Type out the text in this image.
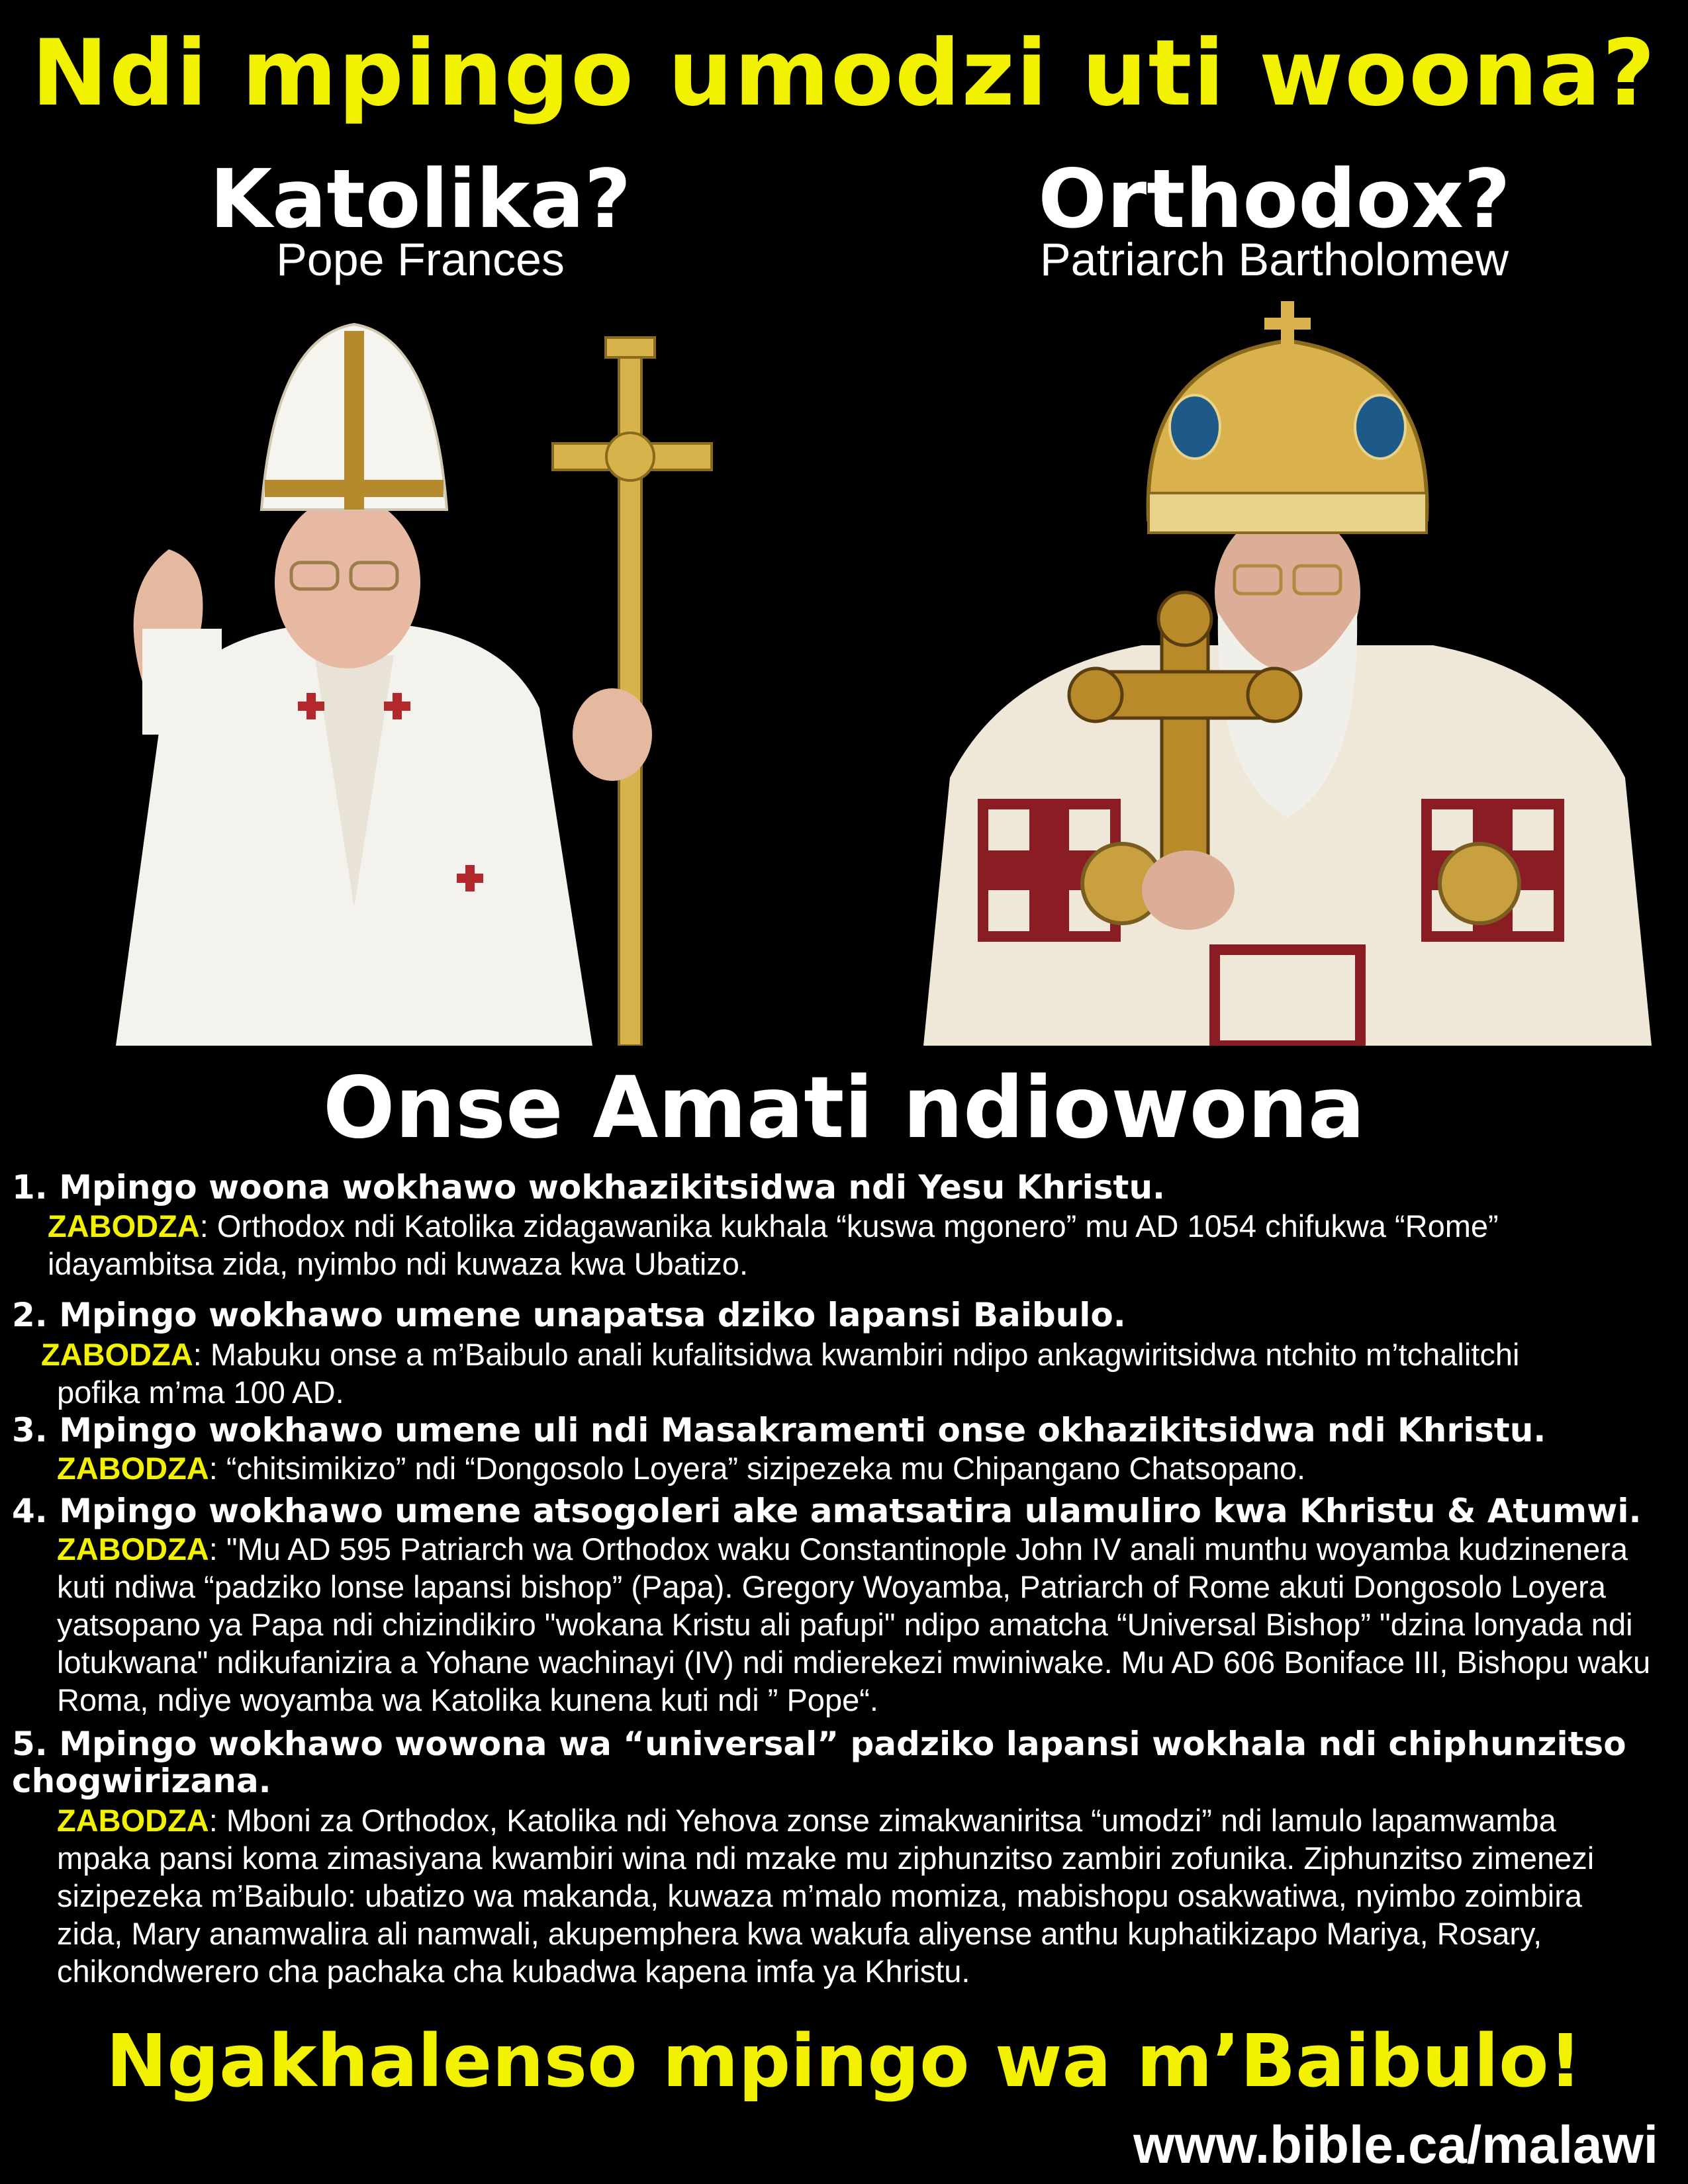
Ndi mpingo umodzi uti woona?
Katolika?
Pope Frances
Orthodox?
Patriarch Bartholomew
Onse Amati ndiowona
1. Mpingo woona wokhawo wokhazikitsidwa ndi Yesu Khristu.
ZABODZA: Orthodox ndi Katolika zidagawanika kukhala “kuswa mgonero” mu AD 1054 chifukwa “Rome”
idayambitsa zida, nyimbo ndi kuwaza kwa Ubatizo.
2. Mpingo wokhawo umene unapatsa dziko lapansi Baibulo.
ZABODZA: Mabuku onse a m’Baibulo anali kufalitsidwa kwambiri ndipo ankagwiritsidwa ntchito m’tchalitchi
pofika m’ma 100 AD.
3. Mpingo wokhawo umene uli ndi Masakramenti onse okhazikitsidwa ndi Khristu.
ZABODZA: “chitsimikizo” ndi “Dongosolo Loyera” sizipezeka mu Chipangano Chatsopano.
4. Mpingo wokhawo umene atsogoleri ake amatsatira ulamuliro kwa Khristu & Atumwi.
ZABODZA: "Mu AD 595 Patriarch wa Orthodox waku Constantinople John IV anali munthu woyamba kudzinenera
kuti ndiwa “padziko lonse lapansi bishop” (Papa). Gregory Woyamba, Patriarch of Rome akuti Dongosolo Loyera
yatsopano ya Papa ndi chizindikiro "wokana Kristu ali pafupi" ndipo amatcha “Universal Bishop” "dzina lonyada ndi
lotukwana" ndikufanizira a Yohane wachinayi (IV) ndi mdierekezi mwiniwake. Mu AD 606 Boniface III, Bishopu waku
Roma, ndiye woyamba wa Katolika kunena kuti ndi ” Pope“.
5. Mpingo wokhawo wowona wa “universal” padziko lapansi wokhala ndi chiphunzitso
chogwirizana.
ZABODZA: Mboni za Orthodox, Katolika ndi Yehova zonse zimakwaniritsa “umodzi” ndi lamulo lapamwamba
mpaka pansi koma zimasiyana kwambiri wina ndi mzake mu ziphunzitso zambiri zofunika. Ziphunzitso zimenezi
sizipezeka m’Baibulo: ubatizo wa makanda, kuwaza m’malo momiza, mabishopu osakwatiwa, nyimbo zoimbira
zida, Mary anamwalira ali namwali, akupemphera kwa wakufa aliyense anthu kuphatikizapo Mariya, Rosary,
chikondwerero cha pachaka cha kubadwa kapena imfa ya Khristu.
Ngakhalenso mpingo wa m’Baibulo!
www.bible.ca/malawi
